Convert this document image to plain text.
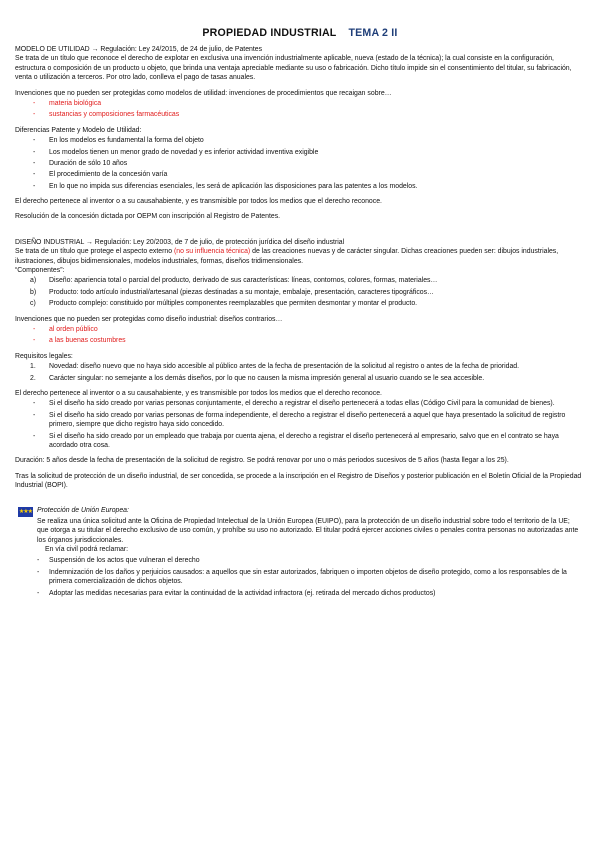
PROPIEDAD INDUSTRIAL TEMA 2 II

MODELO DE UTILIDAD → Regulación: Ley 24/2015, de 24 de julio, de Patentes

Se trata de un título que reconoce el derecho de explotar en exclusiva una invención industrialmente aplicable, nueva (estado de la técnica); la cual consiste en la configuración, estructura o composición de un producto u objeto, que brinda una ventaja apreciable mediante su uso o fabricación. Dicho título impide sin el consentimiento del titular, su fabricación, venta o utilización a terceros. Por otro lado, conlleva el pago de tasas anuales.

Invenciones que no pueden ser protegidas como modelos de utilidad: invenciones de procedimientos que recaigan sobre…

- materia biológica
- sustancias y composiciones farmacéuticas

Diferencias Patente y Modelo de Utilidad:

- En los modelos es fundamental la forma del objeto
- Los modelos tienen un menor grado de novedad y es inferior actividad inventiva exigible
- Duración de sólo 10 años
- El procedimiento de la concesión varía
- En lo que no impida sus diferencias esenciales, les será de aplicación las disposiciones para las patentes a los modelos.

El derecho pertenece al inventor o a su causahabiente, y es transmisible por todos los medios que el derecho reconoce.

Resolución de la concesión dictada por OEPM con inscripción al Registro de Patentes.

DISEÑO INDUSTRIAL → Regulación: Ley 20/2003, de 7 de julio, de protección jurídica del diseño industrial

Se trata de un título que protege el aspecto externo (no su influencia técnica) de las creaciones nuevas y de carácter singular. Dichas creaciones pueden ser: dibujos industriales, ilustraciones, dibujos bidimensionales, modelos industriales, formas, diseños tridimensionales.

“Componentes”:

a) Diseño: apariencia total o parcial del producto, derivado de sus características: líneas, contornos, colores, formas, materiales…
b) Producto: todo artículo industrial/artesanal (piezas destinadas a su montaje, embalaje, presentación, caracteres tipográficos…
c) Producto complejo: constituido por múltiples componentes reemplazables que permiten desmontar y montar el producto.

Invenciones que no pueden ser protegidas como diseño industrial: diseños contrarios…

- al orden público
- a las buenas costumbres

Requisitos legales:

1. Novedad: diseño nuevo que no haya sido accesible al público antes de la fecha de presentación de la solicitud al registro o antes de la fecha de prioridad.
2. Carácter singular: no semejante a los demás diseños, por lo que no causen la misma impresión general al usuario cuando se le sea accesible.

El derecho pertenece al inventor o a su causahabiente, y es transmisible por todos los medios que el derecho reconoce.

- Si el diseño ha sido creado por varias personas conjuntamente, el derecho a registrar el diseño pertenecerá a todas ellas (Código Civil para la comunidad de bienes).
- Si el diseño ha sido creado por varias personas de forma independiente, el derecho a registrar el diseño pertenecerá a aquel que haya presentado la solicitud de registro primero, siempre que dicho registro haya sido concedido.
- Si el diseño ha sido creado por un empleado que trabaja por cuenta ajena, el derecho a registrar el diseño pertenecerá al empresario, salvo que en el contrato se haya acordado otra cosa.

Duración: 5 años desde la fecha de presentación de la solicitud de registro. Se podrá renovar por uno o más periodos sucesivos de 5 años (hasta llegar a los 25).

Tras la solicitud de protección de un diseño industrial, de ser concedida, se procede a la inscripción en el Registro de Diseños y posterior publicación en el Boletín Oficial de la Propiedad Industrial (BOPI).

★★★ Protección de Unión Europea:

Se realiza una única solicitud ante la Oficina de Propiedad Intelectual de la Unión Europea (EUIPO), para la protección de un diseño industrial sobre todo el territorio de la UE; que otorga a su titular el derecho exclusivo de uso común, y prohíbe su uso no autorizado. El titular podrá ejercer acciones civiles o penales contra personas no autorizadas ante los órganos jurisdiccionales.

En vía civil podrá reclamar:

- Suspensión de los actos que vulneran el derecho
- Indemnización de los daños y perjuicios causados: a aquellos que sin estar autorizados, fabriquen o importen objetos de diseño protegido, como a los responsables de la primera comercialización de dichos objetos.
- Adoptar las medidas necesarias para evitar la continuidad de la actividad infractora (ej. retirada del mercado dichos productos)
